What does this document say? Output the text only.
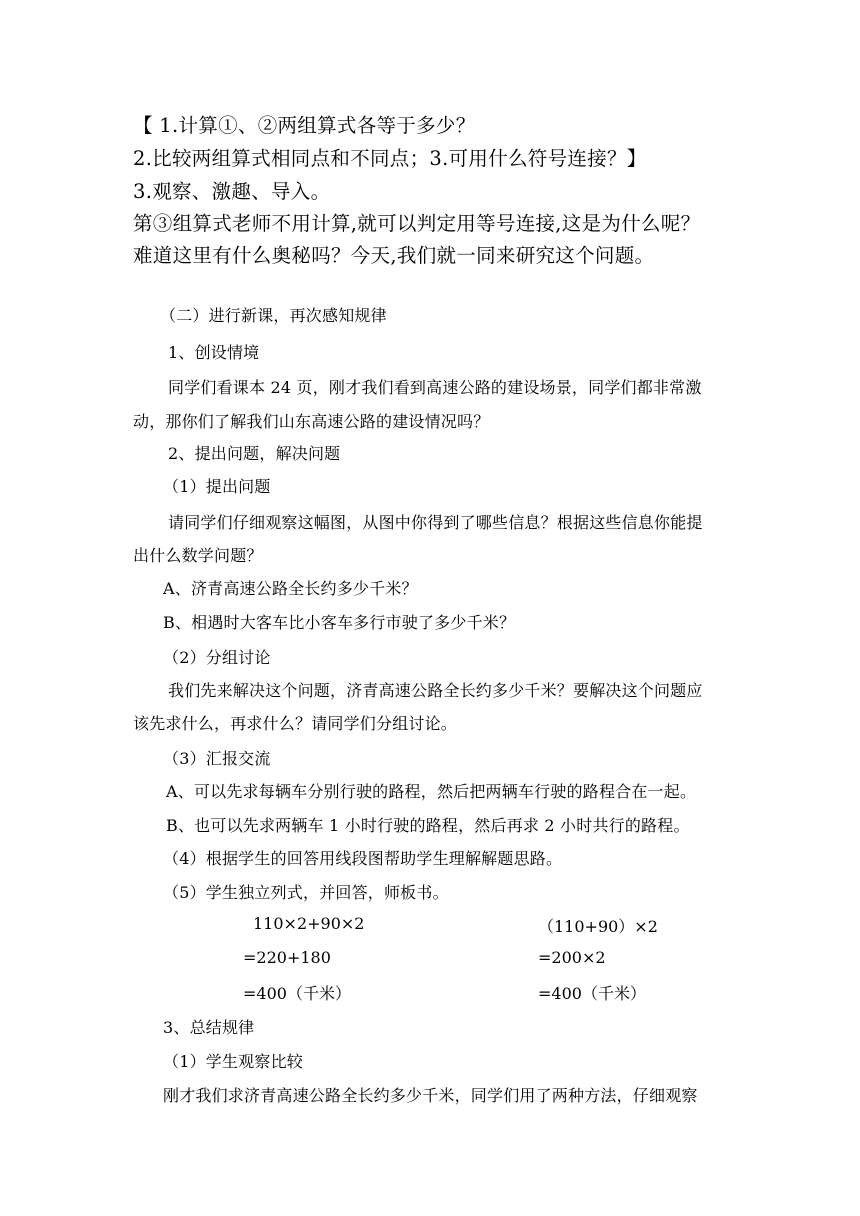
【 1.计算①、②两组算式各等于多少？
2.比较两组算式相同点和不同点；3.可用什么符号连接？】
3.观察、激趣、导入。
第③组算式老师不用计算,就可以判定用等号连接,这是为什么呢？
难道这里有什么奥秘吗？今天,我们就一同来研究这个问题。
（二）进行新课，再次感知规律
1、创设情境
同学们看课本 24 页，刚才我们看到高速公路的建设场景，同学们都非常激
动，那你们了解我们山东高速公路的建设情况吗？
2、提出问题，解决问题
（1）提出问题
请同学们仔细观察这幅图，从图中你得到了哪些信息？根据这些信息你能提
出什么数学问题？
A、济青高速公路全长约多少千米？
B、相遇时大客车比小客车多行市驶了多少千米？
（2）分组讨论
我们先来解决这个问题，济青高速公路全长约多少千米？要解决这个问题应
该先求什么，再求什么？请同学们分组讨论。
（3）汇报交流
A、可以先求每辆车分别行驶的路程，然后把两辆车行驶的路程合在一起。
B、也可以先求两辆车 1 小时行驶的路程，然后再求 2 小时共行的路程。
（4）根据学生的回答用线段图帮助学生理解解题思路。
（5）学生独立列式，并回答，师板书。
110×2+90×2
=220+180
=400（千米）
（110+90）×2
=200×2
=400（千米）
3、总结规律
（1）学生观察比较
刚才我们求济青高速公路全长约多少千米，同学们用了两种方法，仔细观察
